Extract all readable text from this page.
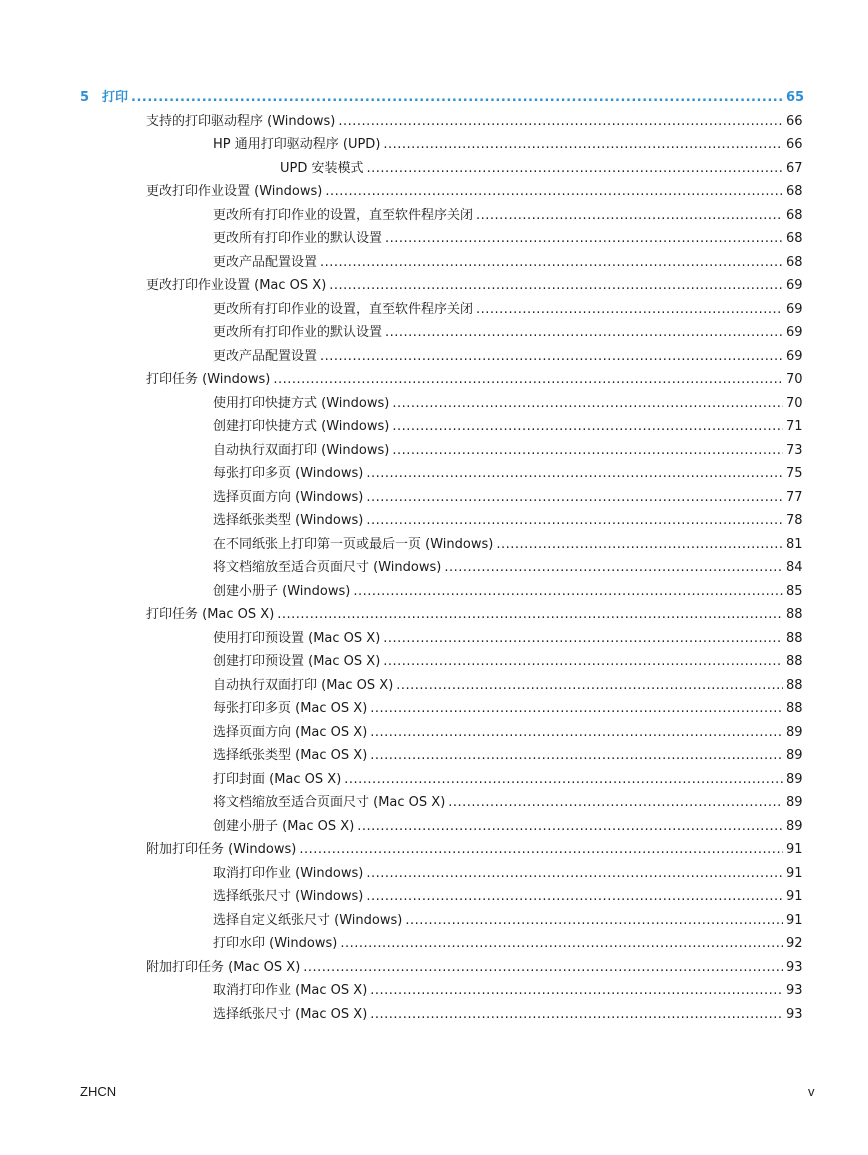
5 打印 .....	65
支持的打印驱动程序 (Windows) .....	66
HP 通用打印驱动程序 (UPD) .....	66
UPD 安装模式 .....	67
更改打印作业设置 (Windows) .....	68
更改所有打印作业的设置，直至软件程序关闭 .....	68
更改所有打印作业的默认设置 .....	68
更改产品配置设置 .....	68
更改打印作业设置 (Mac OS X) .....	69
更改所有打印作业的设置，直至软件程序关闭 .....	69
更改所有打印作业的默认设置 .....	69
更改产品配置设置 .....	69
打印任务 (Windows) .....	70
使用打印快捷方式 (Windows) .....	70
创建打印快捷方式 (Windows) .....	71
自动执行双面打印 (Windows) .....	73
每张打印多页 (Windows) .....	75
选择页面方向 (Windows) .....	77
选择纸张类型 (Windows) .....	78
在不同纸张上打印第一页或最后一页 (Windows) .....	81
将文档缩放至适合页面尺寸 (Windows) .....	84
创建小册子 (Windows) .....	85
打印任务 (Mac OS X) .....	88
使用打印预设置 (Mac OS X) .....	88
创建打印预设置 (Mac OS X) .....	88
自动执行双面打印 (Mac OS X) .....	88
每张打印多页 (Mac OS X) .....	88
选择页面方向 (Mac OS X) .....	89
选择纸张类型 (Mac OS X) .....	89
打印封面 (Mac OS X) .....	89
将文档缩放至适合页面尺寸 (Mac OS X) .....	89
创建小册子 (Mac OS X) .....	89
附加打印任务 (Windows) .....	91
取消打印作业 (Windows) .....	91
选择纸张尺寸 (Windows) .....	91
选择自定义纸张尺寸 (Windows) .....	91
打印水印 (Windows) .....	92
附加打印任务 (Mac OS X) .....	93
取消打印作业 (Mac OS X) .....	93
选择纸张尺寸 (Mac OS X) .....	93
ZHCN	v
